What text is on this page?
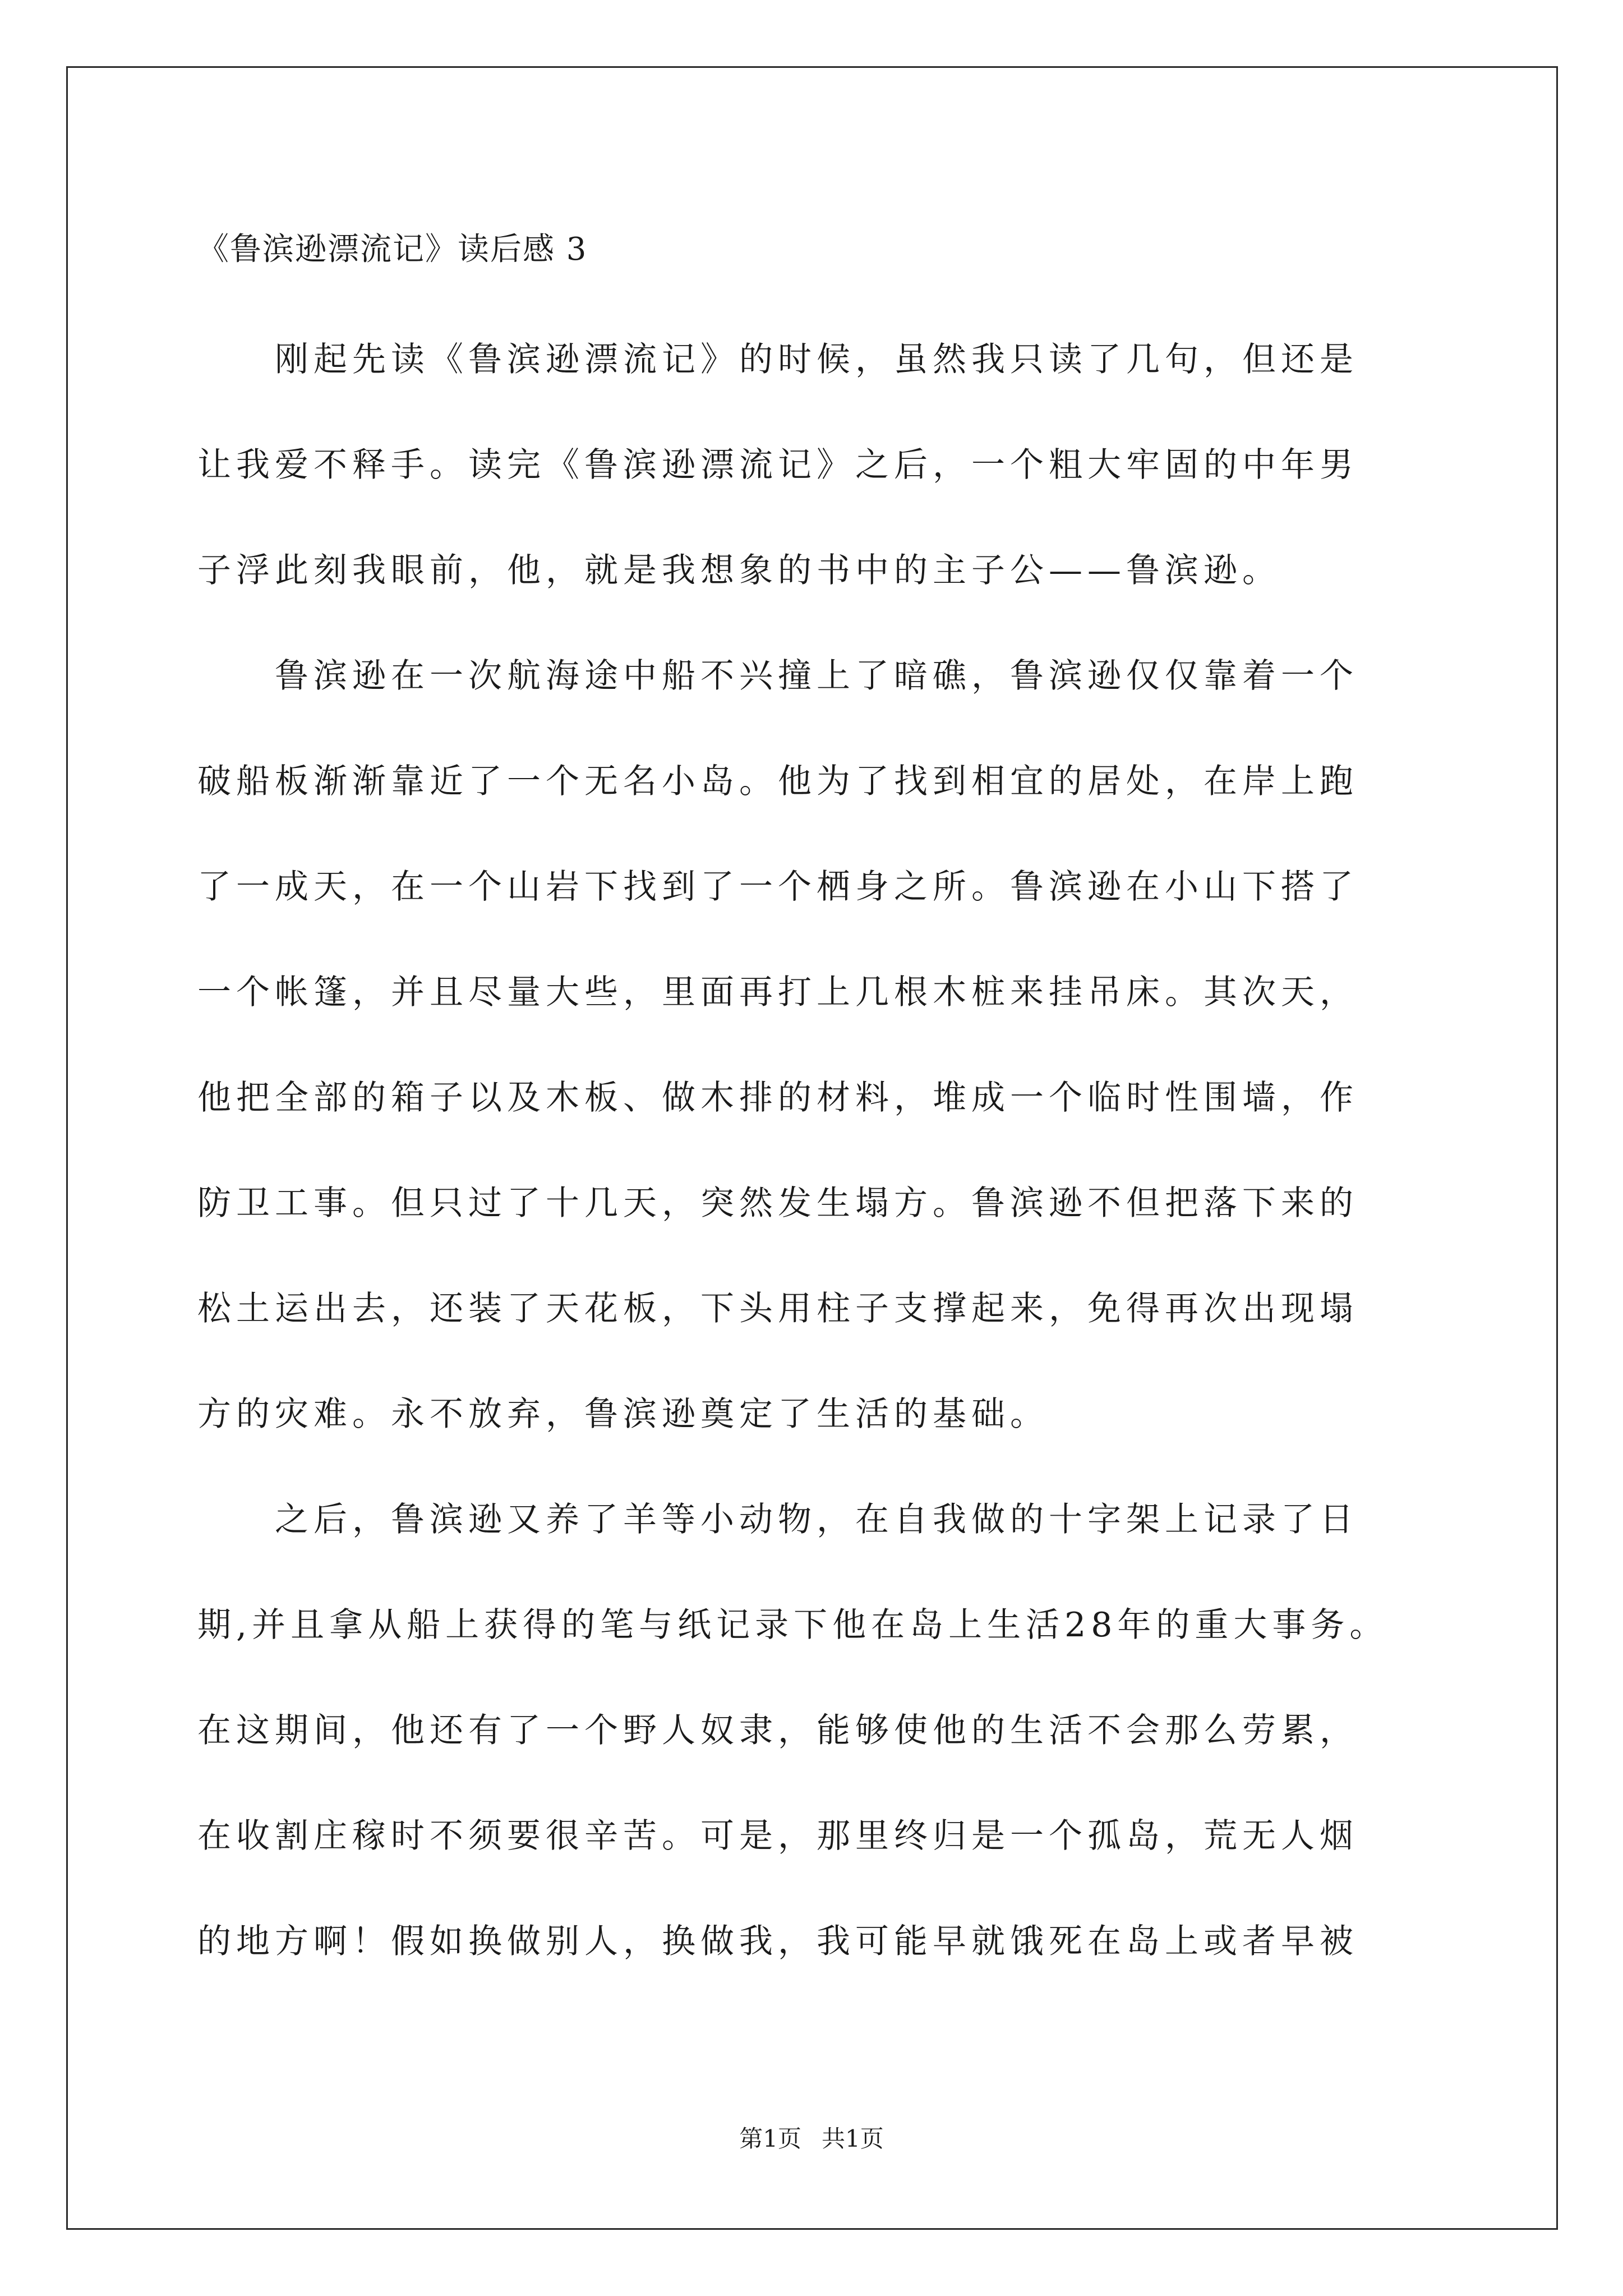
《鲁滨逊漂流记》读后感 3
　　刚起先读《鲁滨逊漂流记》的时候，虽然我只读了几句，但还是
让我爱不释手。读完《鲁滨逊漂流记》之后，一个粗大牢固的中年男
子浮此刻我眼前，他，就是我想象的书中的主子公——鲁滨逊。
　　鲁滨逊在一次航海途中船不兴撞上了暗礁，鲁滨逊仅仅靠着一个
破船板渐渐靠近了一个无名小岛。他为了找到相宜的居处，在岸上跑
了一成天，在一个山岩下找到了一个栖身之所。鲁滨逊在小山下搭了
一个帐篷，并且尽量大些，里面再打上几根木桩来挂吊床。其次天，
他把全部的箱子以及木板、做木排的材料，堆成一个临时性围墙，作
防卫工事。但只过了十几天，突然发生塌方。鲁滨逊不但把落下来的
松土运出去，还装了天花板，下头用柱子支撑起来，免得再次出现塌
方的灾难。永不放弃，鲁滨逊奠定了生活的基础。
　　之后，鲁滨逊又养了羊等小动物，在自我做的十字架上记录了日
期,并且拿从船上获得的笔与纸记录下他在岛上生活28年的重大事务。
在这期间，他还有了一个野人奴隶，能够使他的生活不会那么劳累，
在收割庄稼时不须要很辛苦。可是，那里终归是一个孤岛，荒无人烟
的地方啊！假如换做别人，换做我，我可能早就饿死在岛上或者早被
第1页 共1页
